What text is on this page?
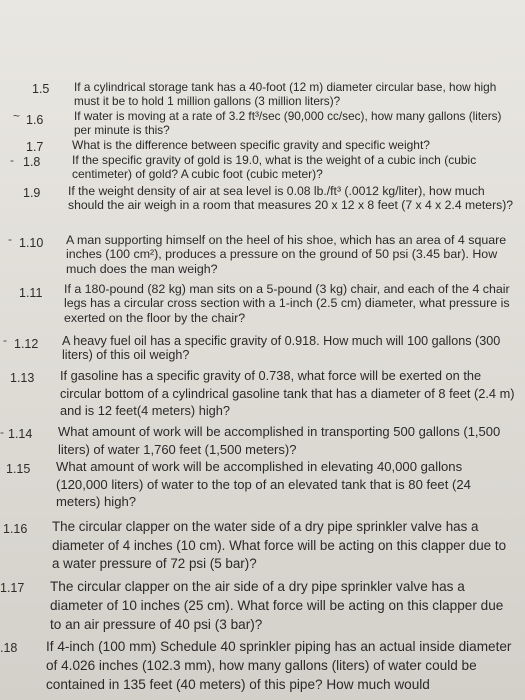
1.5 If a cylindrical storage tank has a 40-foot (12 m) diameter circular base, how high must it be to hold 1 million gallons (3 million liters)?
~ 1.6	If water is moving at a rate of 3.2 ft³/sec (90,000 cc/sec), how many gallons (liters) per minute is this?
1.7 What is the difference between specific gravity and specific weight?
‐ 1.8	If the specific gravity of gold is 19.0, what is the weight of a cubic inch (cubic centimeter) of gold? A cubic foot (cubic meter)?
1.9 If the weight density of air at sea level is 0.08 lb./ft³ (.0012 kg/liter), how much should the air weigh in a room that measures 20 x 12 x 8 feet (7 x 4 x 2.4 meters)?
- 1.10 A man supporting himself on the heel of his shoe, which has an area of 4 square inches (100 cm²), produces a pressure on the ground of 50 psi (3.45 bar). How much does the man weigh?
1.11 If a 180-pound (82 kg) man sits on a 5-pound (3 kg) chair, and each of the 4 chair legs has a circular cross section with a 1-inch (2.5 cm) diameter, what pressure is exerted on the floor by the chair?
- 1.12 A heavy fuel oil has a specific gravity of 0.918. How much will 100 gallons (300 liters) of this oil weigh?
1.13 If gasoline has a specific gravity of 0.738, what force will be exerted on the circular bottom of a cylindrical gasoline tank that has a diameter of 8 feet (2.4 m) and is 12 feet(4 meters) high?
- 1.14 What amount of work will be accomplished in transporting 500 gallons (1,500 liters) of water 1,760 feet (1,500 meters)?
1.15 What amount of work will be accomplished in elevating 40,000 gallons (120,000 liters) of water to the top of an elevated tank that is 80 feet (24 meters) high?
1.16 The circular clapper on the water side of a dry pipe sprinkler valve has a diameter of 4 inches (10 cm). What force will be acting on this clapper due to a water pressure of 72 psi (5 bar)?
1.17 The circular clapper on the air side of a dry pipe sprinkler valve has a diameter of 10 inches (25 cm). What force will be acting on this clapper due to an air pressure of 40 psi (3 bar)?
.18 If 4-inch (100 mm) Schedule 40 sprinkler piping has an actual inside diameter of 4.026 inches (102.3 mm), how many gallons (liters) of water could be contained in 135 feet (40 meters) of this pipe? How much would
